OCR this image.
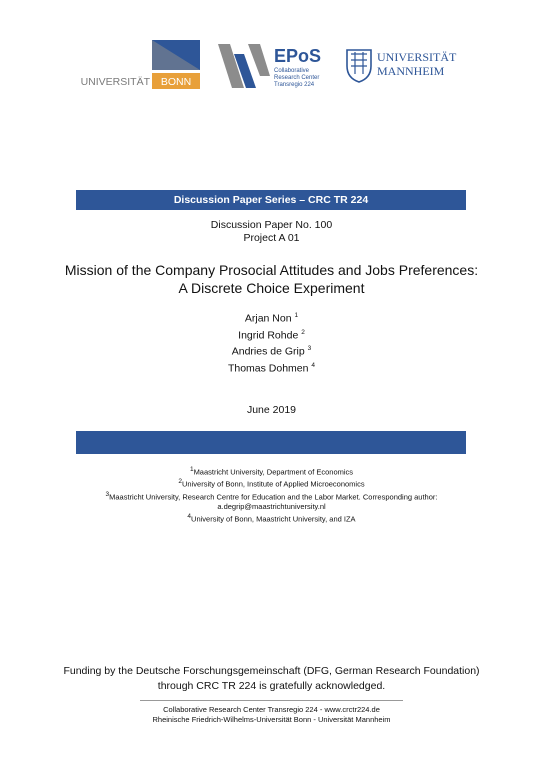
UNIVERSITÄT BONN
EPoS
Collaborative
Research Center
Transregio 224
UNIVERSITÄT
MANNHEIM
Discussion Paper Series – CRC TR 224
Discussion Paper No. 100
Project A 01
Mission of the Company Prosocial Attitudes and Jobs Preferences:
A Discrete Choice Experiment
Arjan Non $^1$
Ingrid Rohde $^2$
Andries de Grip $^3$
Thomas Dohmen $^4$
June 2019
$^1$Maastricht University, Department of Economics
$^2$University of Bonn, Institute of Applied Microeconomics
$^3$Maastricht University, Research Centre for Education and the Labor Market. Corresponding author:
a.degrip@maastrichtuniversity.nl
$^4$University of Bonn, Maastricht University, and IZA
Funding by the Deutsche Forschungsgemeinschaft (DFG, German Research Foundation)
through CRC TR 224 is gratefully acknowledged.
Collaborative Research Center Transregio 224 - www.crctr224.de
Rheinische Friedrich-Wilhelms-Universität Bonn - Universität Mannheim
